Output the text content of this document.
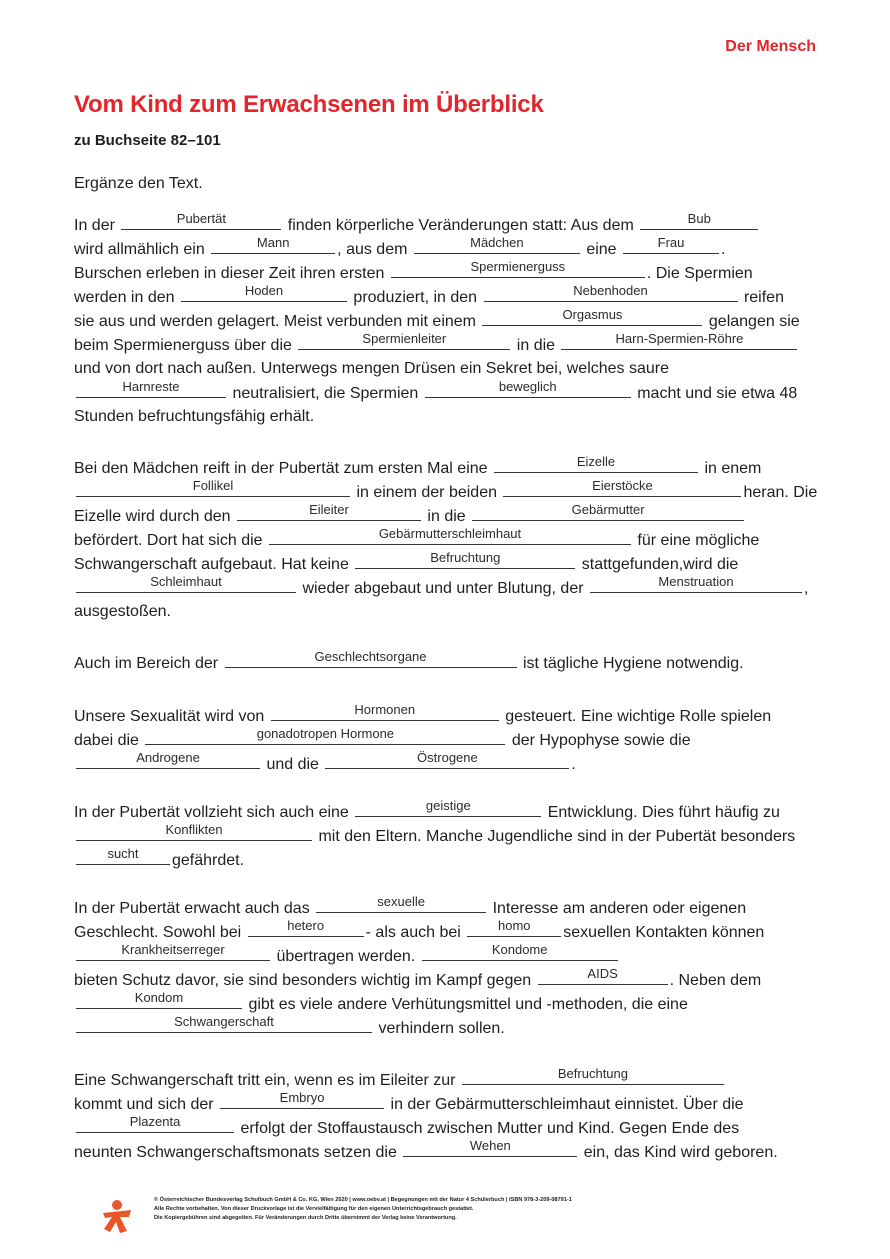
Der Mensch
Vom Kind zum Erwachsenen im Überblick
zu Buchseite 82–101
Ergänze den Text.
In der	Pubertät	finden körperliche Veränderungen statt: Aus dem	Bub
wird allmählich ein	Mann	, aus dem	Mädchen	eine	Frau	.
Burschen erleben in dieser Zeit ihren ersten	Spermienerguss	. Die Spermien
werden in den	Hoden	produziert, in den	Nebenhoden	reifen
sie aus und werden gelagert. Meist verbunden mit einem	Orgasmus	gelangen sie
beim Spermienerguss über die	Spermienleiter	in die	Harn-Spermien-Röhre
und von dort nach außen. Unterwegs mengen Drüsen ein Sekret bei, welches saure
Harnreste	neutralisiert, die Spermien	beweglich	macht und sie etwa 48
Stunden befruchtungsfähig erhält.
Bei den Mädchen reift in der Pubertät zum ersten Mal eine	Eizelle	in enem
Follikel	in einem der beiden	Eierstöcke	heran. Die
Eizelle wird durch den	Eileiter	in die	Gebärmutter
befördert. Dort hat sich die	Gebärmutterschleimhaut	für eine mögliche
Schwangerschaft aufgebaut. Hat keine	Befruchtung	stattgefunden,wird die
Schleimhaut	wieder abgebaut und unter Blutung, der	Menstruation	,
ausgestoßen.
Auch im Bereich der	Geschlechtsorgane	ist tägliche Hygiene notwendig.
Unsere Sexualität wird von	Hormonen	gesteuert. Eine wichtige Rolle spielen
dabei die	gonadotropen Hormone	der Hypophyse sowie die
Androgene	und die	Östrogene	.
In der Pubertät vollzieht sich auch eine	geistige	Entwicklung. Dies führt häufig zu
Konflikten	mit den Eltern. Manche Jugendliche sind in der Pubertät besonders
sucht	gefährdet.
In der Pubertät erwacht auch das	sexuelle	Interesse am anderen oder eigenen
Geschlecht. Sowohl bei	hetero	- als auch bei	homo	sexuellen Kontakten können
Krankheitserreger	übertragen werden.	Kondome
bieten Schutz davor, sie sind besonders wichtig im Kampf gegen	AIDS	. Neben dem
Kondom	gibt es viele andere Verhütungsmittel und -methoden, die eine
Schwangerschaft	verhindern sollen.
Eine Schwangerschaft tritt ein, wenn es im Eileiter zur	Befruchtung
kommt und sich der	Embryo	in der Gebärmutterschleimhaut einnistet. Über die
Plazenta	erfolgt der Stoffaustausch zwischen Mutter und Kind. Gegen Ende des
neunten Schwangerschaftsmonats setzen die	Wehen	ein, das Kind wird geboren.
© Österreichischer Bundesverlag Schulbuch GmbH & Co. KG, Wien 2020 | www.oebv.at | Begegnungen mit der Natur 4 Schülerbuch | ISBN 978-3-209-08791-1
Alle Rechte vorbehalten. Von dieser Druckvorlage ist die Vervielfältigung für den eigenen Unterrichtsgebrauch gestattet.
Die Kopiergebühren sind abgegolten. Für Veränderungen durch Dritte übernimmt der Verlag keine Verantwortung.
